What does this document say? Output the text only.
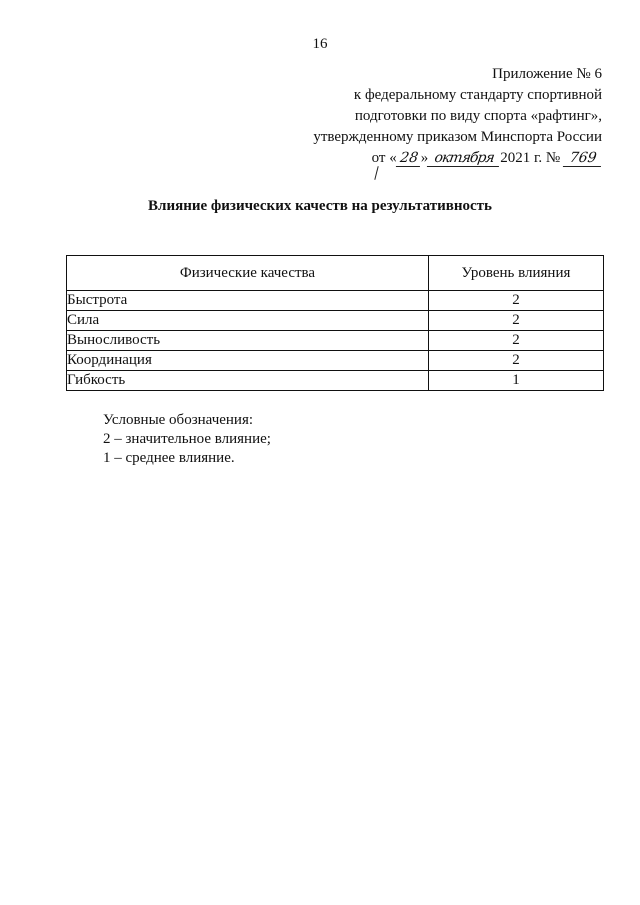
16
Приложение № 6
к федеральному стандарту спортивной
подготовки по виду спорта «рафтинг»,
утвержденному приказом Минспорта России
от « 28 » октября 2021 г. № 769
Влияние физических качеств на результативность
Физические качества	Уровень влияния
Быстрота	2
Сила	2
Выносливость	2
Координация	2
Гибкость	1
Условные обозначения:
2 – значительное влияние;
1 – среднее влияние.
